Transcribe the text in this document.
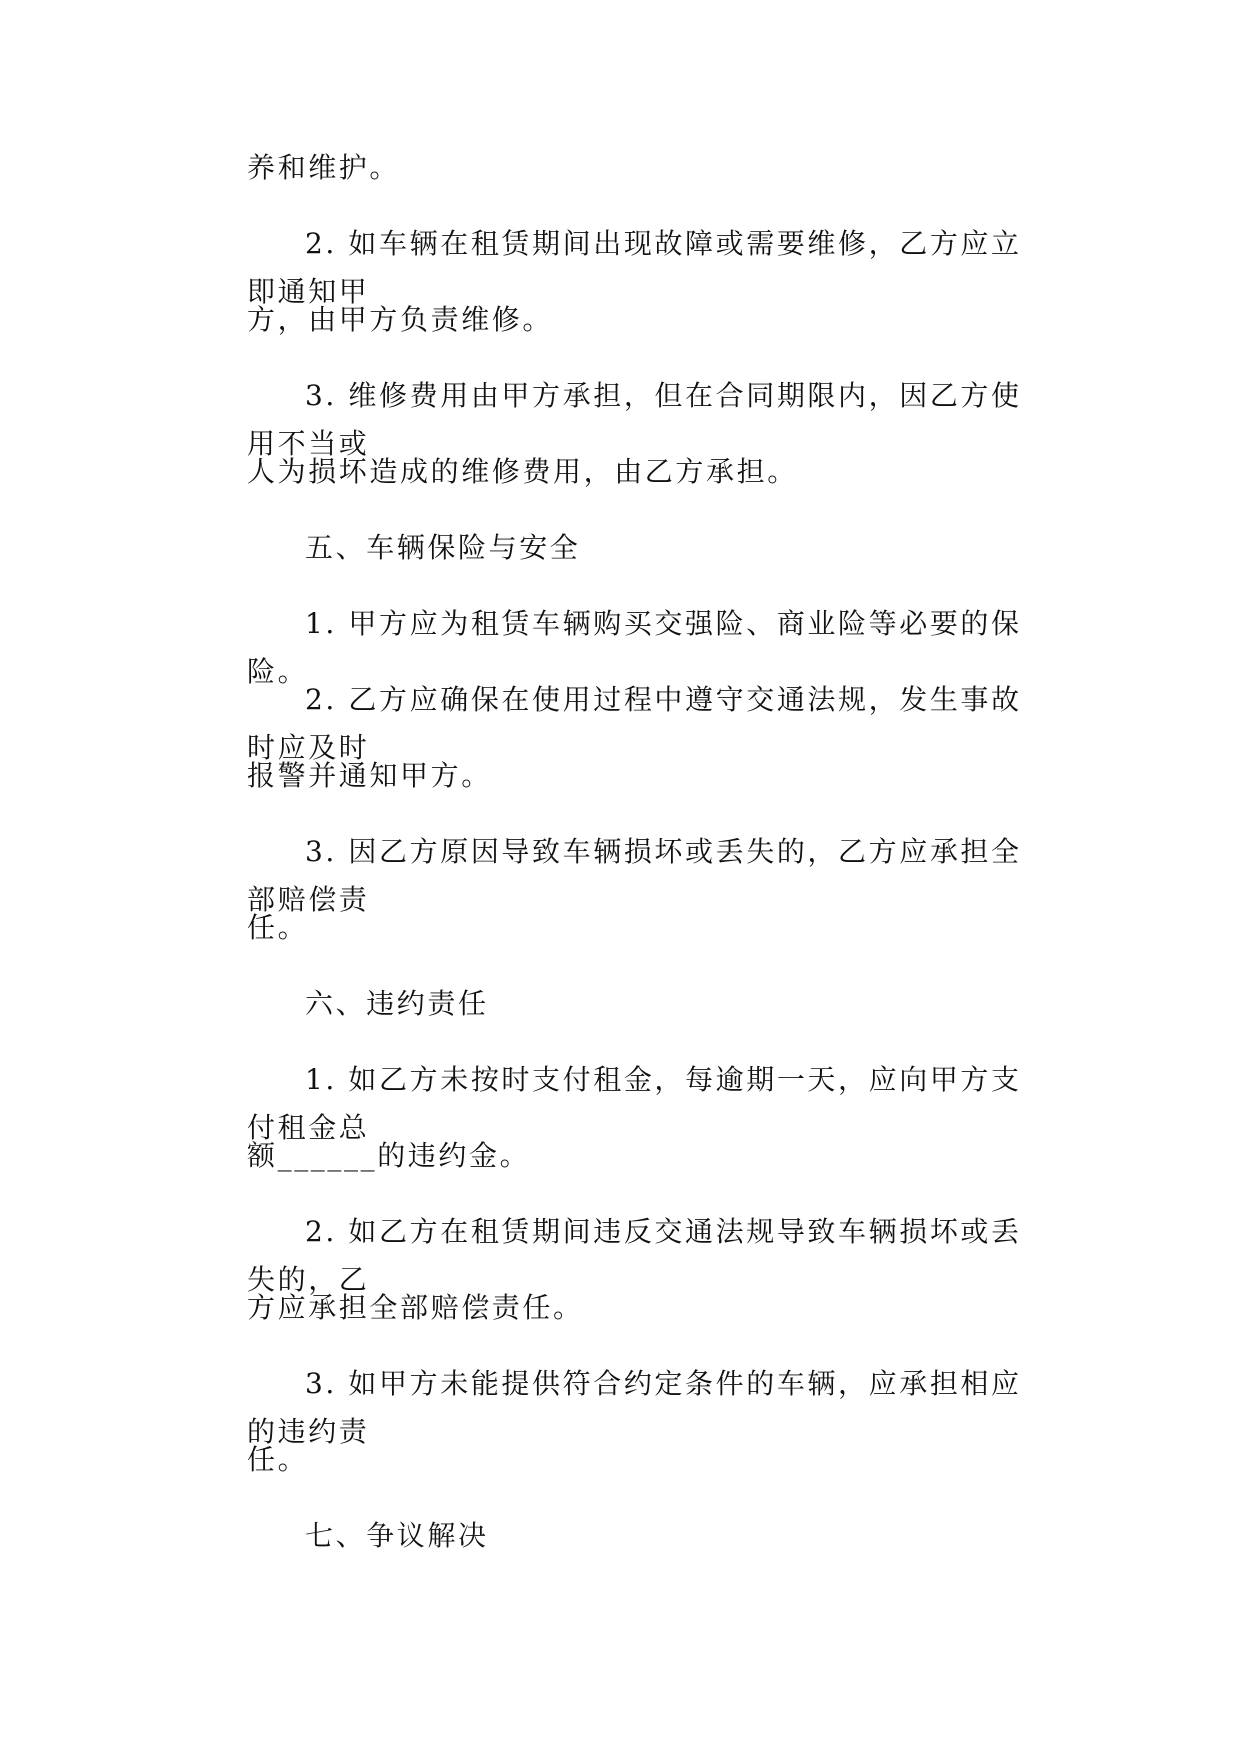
养和维护。
2. 如车辆在租赁期间出现故障或需要维修，乙方应立即通知甲
方，由甲方负责维修。
3. 维修费用由甲方承担，但在合同期限内，因乙方使用不当或
人为损坏造成的维修费用，由乙方承担。
五、车辆保险与安全
1. 甲方应为租赁车辆购买交强险、商业险等必要的保险。
2. 乙方应确保在使用过程中遵守交通法规，发生事故时应及时
报警并通知甲方。
3. 因乙方原因导致车辆损坏或丢失的，乙方应承担全部赔偿责
任。
六、违约责任
1. 如乙方未按时支付租金，每逾期一天，应向甲方支付租金总
额______的违约金。
2. 如乙方在租赁期间违反交通法规导致车辆损坏或丢失的，乙
方应承担全部赔偿责任。
3. 如甲方未能提供符合约定条件的车辆，应承担相应的违约责
任。
七、争议解决
